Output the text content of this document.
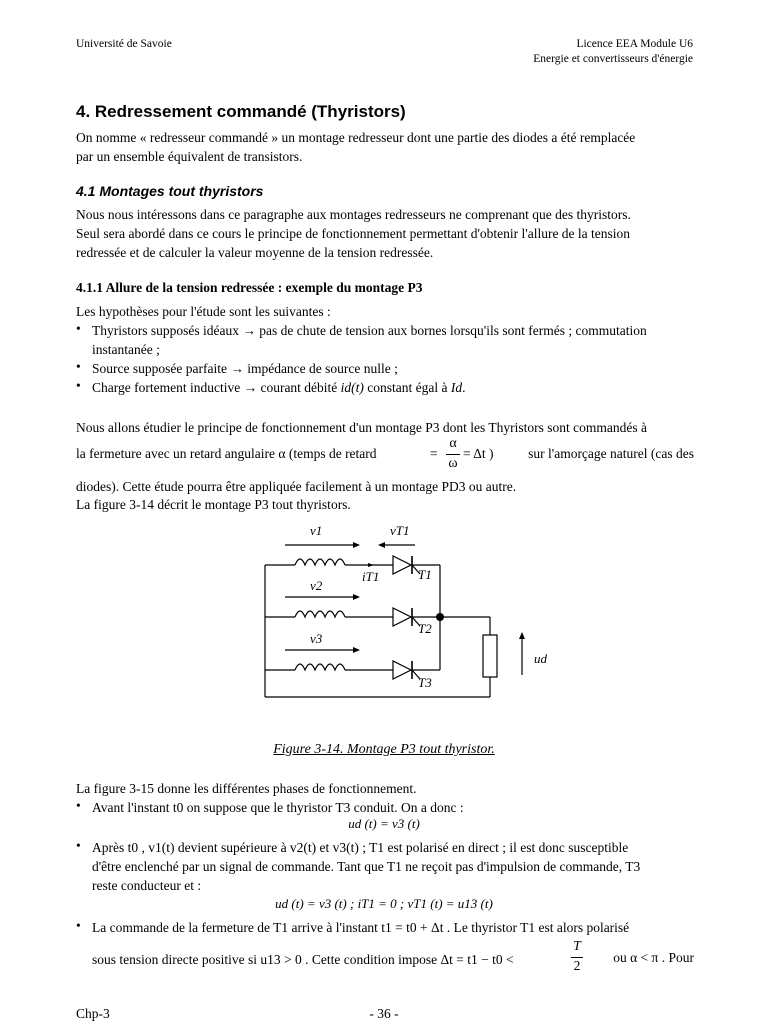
Université de Savoie	Licence EEA Module U6
Energie et convertisseurs d'énergie
4. Redressement commandé (Thyristors)
On nomme « redresseur commandé » un montage redresseur dont une partie des diodes a été remplacée
par un ensemble équivalent de transistors.
4.1 Montages tout thyristors
Nous nous intéressons dans ce paragraphe aux montages redresseurs ne comprenant que des thyristors.
Seul sera abordé dans ce cours le principe de fonctionnement permettant d'obtenir l'allure de la tension
redressée et de calculer la valeur moyenne de la tension redressée.
4.1.1 Allure de la tension redressée : exemple du montage P3
Les hypothèses pour l'étude sont les suivantes :
• Thyristors supposés idéaux → pas de chute de tension aux bornes lorsqu'ils sont fermés ; commutation
instantanée ;
• Source supposée parfaite → impédance de source nulle ;
• Charge fortement inductive → courant débité id(t) constant égal à Id.
Nous allons étudier le principe de fonctionnement d'un montage P3 dont les Thyristors sont commandés à
la fermeture avec un retard angulaire α (temps de retard
α
ω
= = Δt )	sur l'amorçage naturel (cas des
diodes). Cette étude pourra être appliquée facilement à un montage PD3 ou autre.
La figure 3-14 décrit le montage P3 tout thyristors.
v1	vT1
iT1	T1
v2
T2
v3
T3
ud
Figure 3-14. Montage P3 tout thyristor.
La figure 3-15 donne les différentes phases de fonctionnement.
• Avant l'instant t0 on suppose que le thyristor T3 conduit. On a donc :
ud (t) = v3 (t)
• Après t0 , v1(t) devient supérieure à v2(t) et v3(t) ; T1 est polarisé en direct ; il est donc susceptible
d'être enclenché par un signal de commande. Tant que T1 ne reçoit pas d'impulsion de commande, T3
reste conducteur et :
ud (t) = v3 (t) ; iT1 = 0 ; vT1 (t) = u13 (t)
• La commande de la fermeture de T1 arrive à l'instant t1 = t0 + Δt . Le thyristor T1 est alors polarisé
sous tension directe positive si u13 > 0 . Cette condition impose Δt = t1 − t0 <
T
2
ou α < π . Pour
Chp-3	- 36 -
